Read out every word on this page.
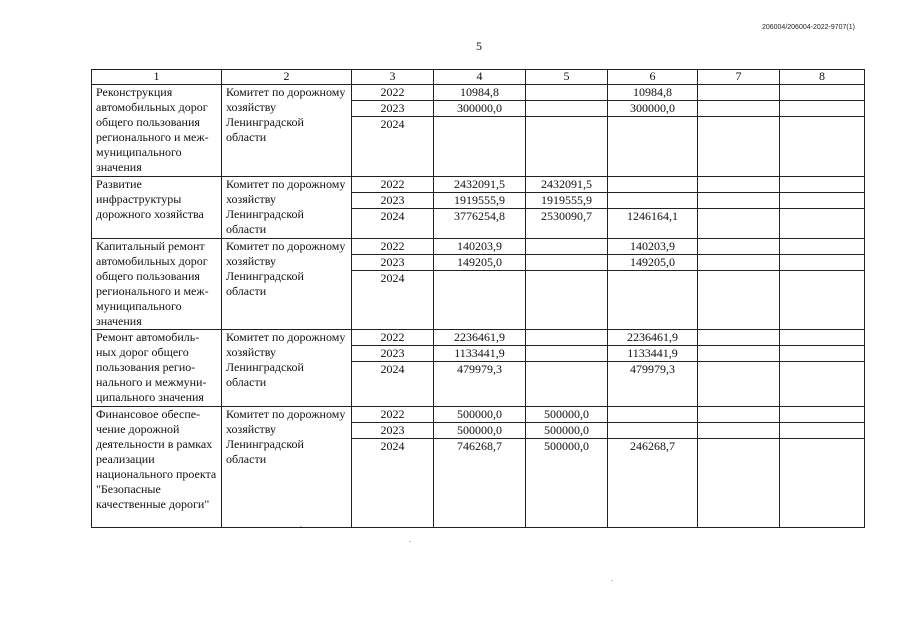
206004/206004-2022-9707(1)
5
1	2	3	4	5	6	7	8
Реконструкция автомобильных дорог общего пользования регионального и меж- муниципального значения	Комитет по дорожному хозяйству Ленинградской области	2022	10984,8		10984,8		
		2023	300000,0		300000,0		
		2024					
Развитие инфраструктуры дорожного хозяйства	Комитет по дорожному хозяйству Ленинградской области	2022	2432091,5	2432091,5			
		2023	1919555,9	1919555,9			
		2024	3776254,8	2530090,7	1246164,1		
Капитальный ремонт автомобильных дорог общего пользования регионального и меж- муниципального значения	Комитет по дорожному хозяйству Ленинградской области	2022	140203,9		140203,9		
		2023	149205,0		149205,0		
		2024					
Ремонт автомобиль- ных дорог общего пользования регио- нального и межмуни- ципального значения	Комитет по дорожному хозяйству Ленинградской области	2022	2236461,9		2236461,9		
		2023	1133441,9		1133441,9		
		2024	479979,3		479979,3		
Финансовое обеспе- чение дорожной деятельности в рамках реализации национального проекта "Безопасные качественные дороги"	Комитет по дорожному хозяйству Ленинградской области	2022	500000,0	500000,0			
		2023	500000,0	500000,0			
		2024	746268,7	500000,0	246268,7		
